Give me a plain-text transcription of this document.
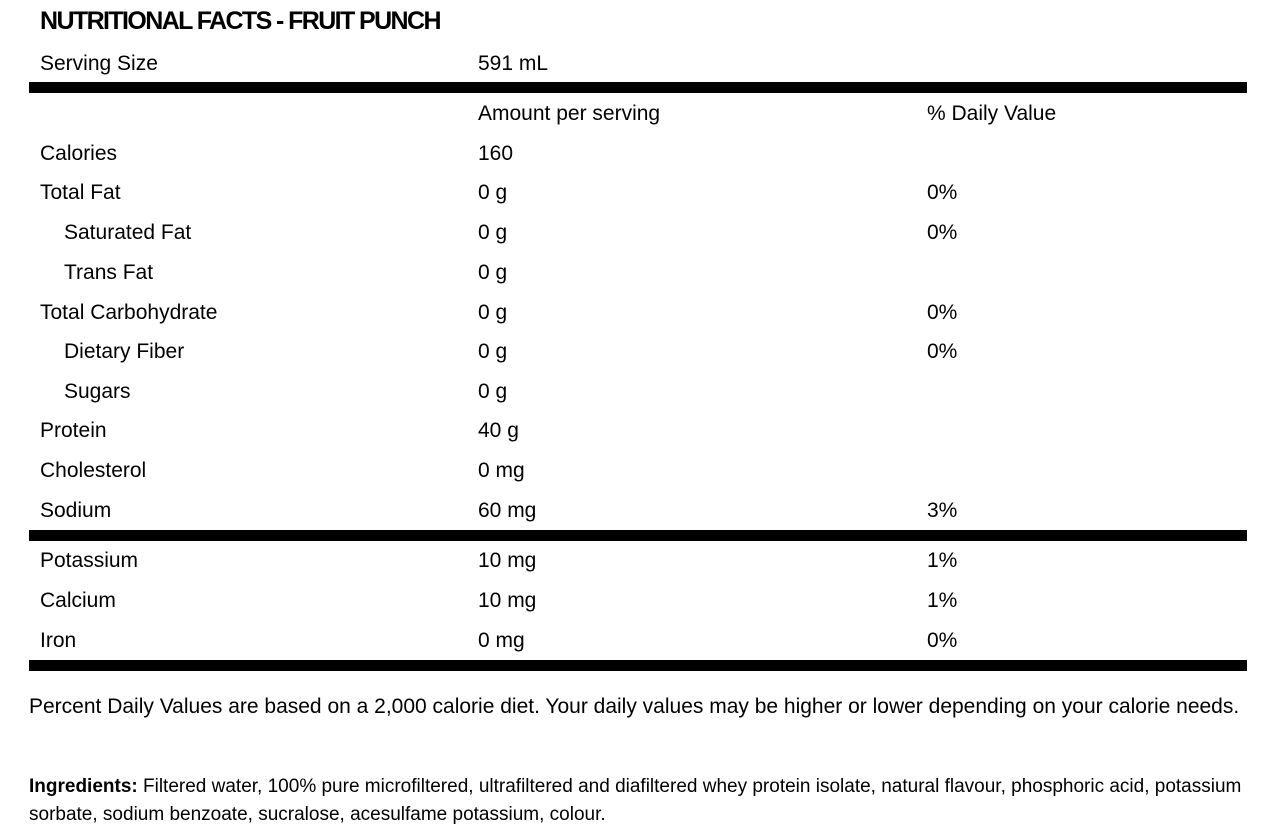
NUTRITIONAL FACTS - FRUIT PUNCH
Serving Size	591 mL
Amount per serving	% Daily Value
Calories	160
Total Fat	0 g	0%
Saturated Fat	0 g	0%
Trans Fat	0 g
Total Carbohydrate	0 g	0%
Dietary Fiber	0 g	0%
Sugars	0 g
Protein	40 g
Cholesterol	0 mg
Sodium	60 mg	3%
Potassium	10 mg	1%
Calcium	10 mg	1%
Iron	0 mg	0%
Percent Daily Values are based on a 2,000 calorie diet. Your daily values may be higher or lower depending on your calorie needs.
Ingredients: Filtered water, 100% pure microfiltered, ultrafiltered and diafiltered whey protein isolate, natural flavour, phosphoric acid, potassium sorbate, sodium benzoate, sucralose, acesulfame potassium, colour.
